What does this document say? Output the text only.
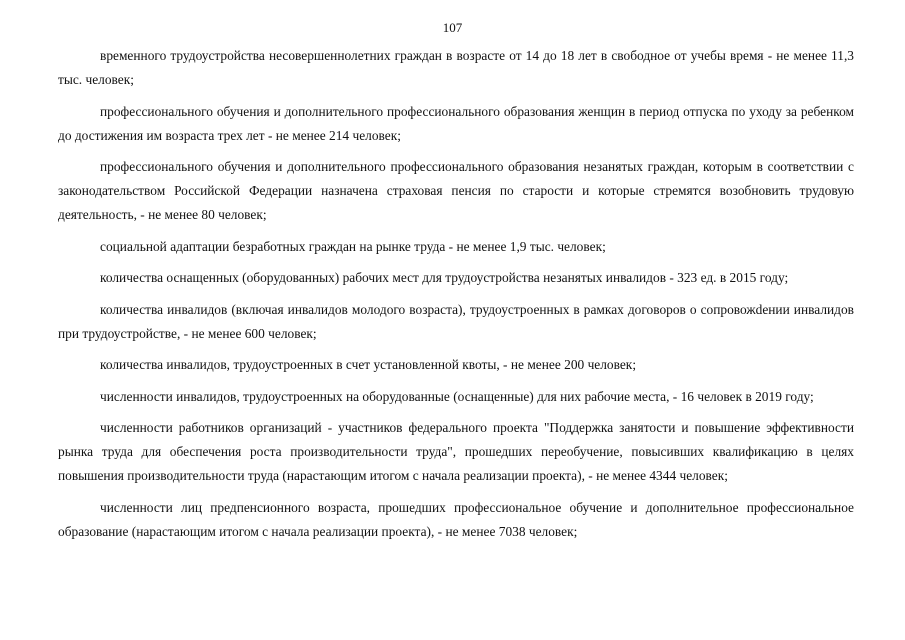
107

временного трудоустройства несовершеннолетних граждан в возрасте от 14 до 18 лет в свободное от учебы время - не менее 11,3 тыс. человек;

профессионального обучения и дополнительного профессионального образования женщин в период отпуска по уходу за ребенком до достижения им возраста трех лет - не менее 214 человек;

профессионального обучения и дополнительного профессионального образования незанятых граждан, которым в соответствии с законодательством Российской Федерации назначена страховая пенсия по старости и которые стремятся возобновить трудовую деятельность, - не менее 80 человек;

социальной адаптации безработных граждан на рынке труда - не менее 1,9 тыс. человек;

количества оснащенных (оборудованных) рабочих мест для трудоустройства незанятых инвалидов - 323 ед. в 2015 году;

количества инвалидов (включая инвалидов молодого возраста), трудоустроенных в рамках договоров о сопровожdении инвалидов при трудоустройстве, - не менее 600 человек;

количества инвалидов, трудоустроенных в счет установленной квоты, - не менее 200 человек;

численности инвалидов, трудоустроенных на оборудованные (оснащенные) для них рабочие места, - 16 человек в 2019 году;

численности работников организаций - участников федерального проекта "Поддержка занятости и повышение эффективности рынка труда для обеспечения роста производительности труда", прошедших переобучение, повысивших квалификацию в целях повышения производительности труда (нарастающим итогом с начала реализации проекта), - не менее 4344 человек;

численности лиц предпенсионного возраста, прошедших профессиональное обучение и дополнительное профессиональное образование (нарастающим итогом с начала реализации проекта), - не менее 7038 человек;
